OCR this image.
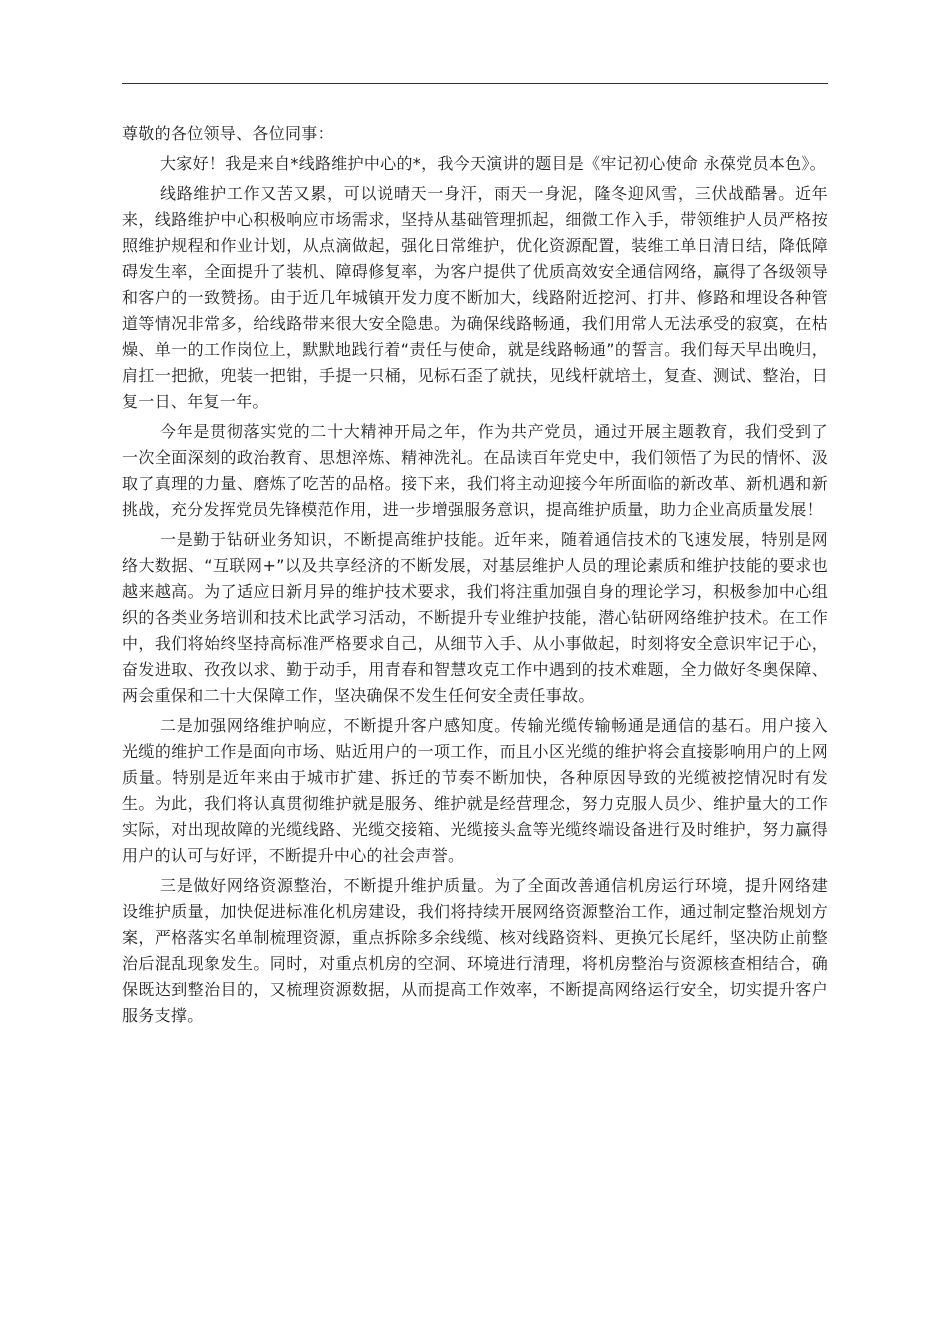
尊敬的各位领导、各位同事：

大家好！我是来自*线路维护中心的*，我今天演讲的题目是《牢记初心使命 永葆党员本色》。

线路维护工作又苦又累，可以说晴天一身汗，雨天一身泥，隆冬迎风雪，三伏战酷暑。近年来，线路维护中心积极响应市场需求，坚持从基础管理抓起，细微工作入手，带领维护人员严格按照维护规程和作业计划，从点滴做起，强化日常维护，优化资源配置，装维工单日清日结，降低障碍发生率，全面提升了装机、障碍修复率，为客户提供了优质高效安全通信网络，赢得了各级领导和客户的一致赞扬。由于近几年城镇开发力度不断加大，线路附近挖河、打井、修路和埋设各种管道等情况非常多，给线路带来很大安全隐患。为确保线路畅通，我们用常人无法承受的寂寞，在枯燥、单一的工作岗位上，默默地践行着“责任与使命，就是线路畅通”的誓言。我们每天早出晚归，肩扛一把掀，兜装一把钳，手提一只桶，见标石歪了就扶，见线杆就培土，复查、测试、整治，日复一日、年复一年。

今年是贯彻落实党的二十大精神开局之年，作为共产党员，通过开展主题教育，我们受到了一次全面深刻的政治教育、思想淬炼、精神洗礼。在品读百年党史中，我们领悟了为民的情怀、汲取了真理的力量、磨炼了吃苦的品格。接下来，我们将主动迎接今年所面临的新改革、新机遇和新挑战，充分发挥党员先锋模范作用，进一步增强服务意识，提高维护质量，助力企业高质量发展！

一是勤于钻研业务知识，不断提高维护技能。近年来，随着通信技术的飞速发展，特别是网络大数据、“互联网+”以及共享经济的不断发展，对基层维护人员的理论素质和维护技能的要求也越来越高。为了适应日新月异的维护技术要求，我们将注重加强自身的理论学习，积极参加中心组织的各类业务培训和技术比武学习活动，不断提升专业维护技能，潜心钻研网络维护技术。在工作中，我们将始终坚持高标准严格要求自己，从细节入手、从小事做起，时刻将安全意识牢记于心，奋发进取、孜孜以求、勤于动手，用青春和智慧攻克工作中遇到的技术难题，全力做好冬奥保障、两会重保和二十大保障工作，坚决确保不发生任何安全责任事故。

二是加强网络维护响应，不断提升客户感知度。传输光缆传输畅通是通信的基石。用户接入光缆的维护工作是面向市场、贴近用户的一项工作，而且小区光缆的维护将会直接影响用户的上网质量。特别是近年来由于城市扩建、拆迁的节奏不断加快，各种原因导致的光缆被挖情况时有发生。为此，我们将认真贯彻维护就是服务、维护就是经营理念，努力克服人员少、维护量大的工作实际，对出现故障的光缆线路、光缆交接箱、光缆接头盒等光缆终端设备进行及时维护，努力赢得用户的认可与好评，不断提升中心的社会声誉。

三是做好网络资源整治，不断提升维护质量。为了全面改善通信机房运行环境，提升网络建设维护质量，加快促进标准化机房建设，我们将持续开展网络资源整治工作，通过制定整治规划方案，严格落实名单制梳理资源，重点拆除多余线缆、核对线路资料、更换冗长尾纤，坚决防止前整治后混乱现象发生。同时，对重点机房的空洞、环境进行清理，将机房整治与资源核查相结合，确保既达到整治目的，又梳理资源数据，从而提高工作效率，不断提高网络运行安全，切实提升客户服务支撑。
